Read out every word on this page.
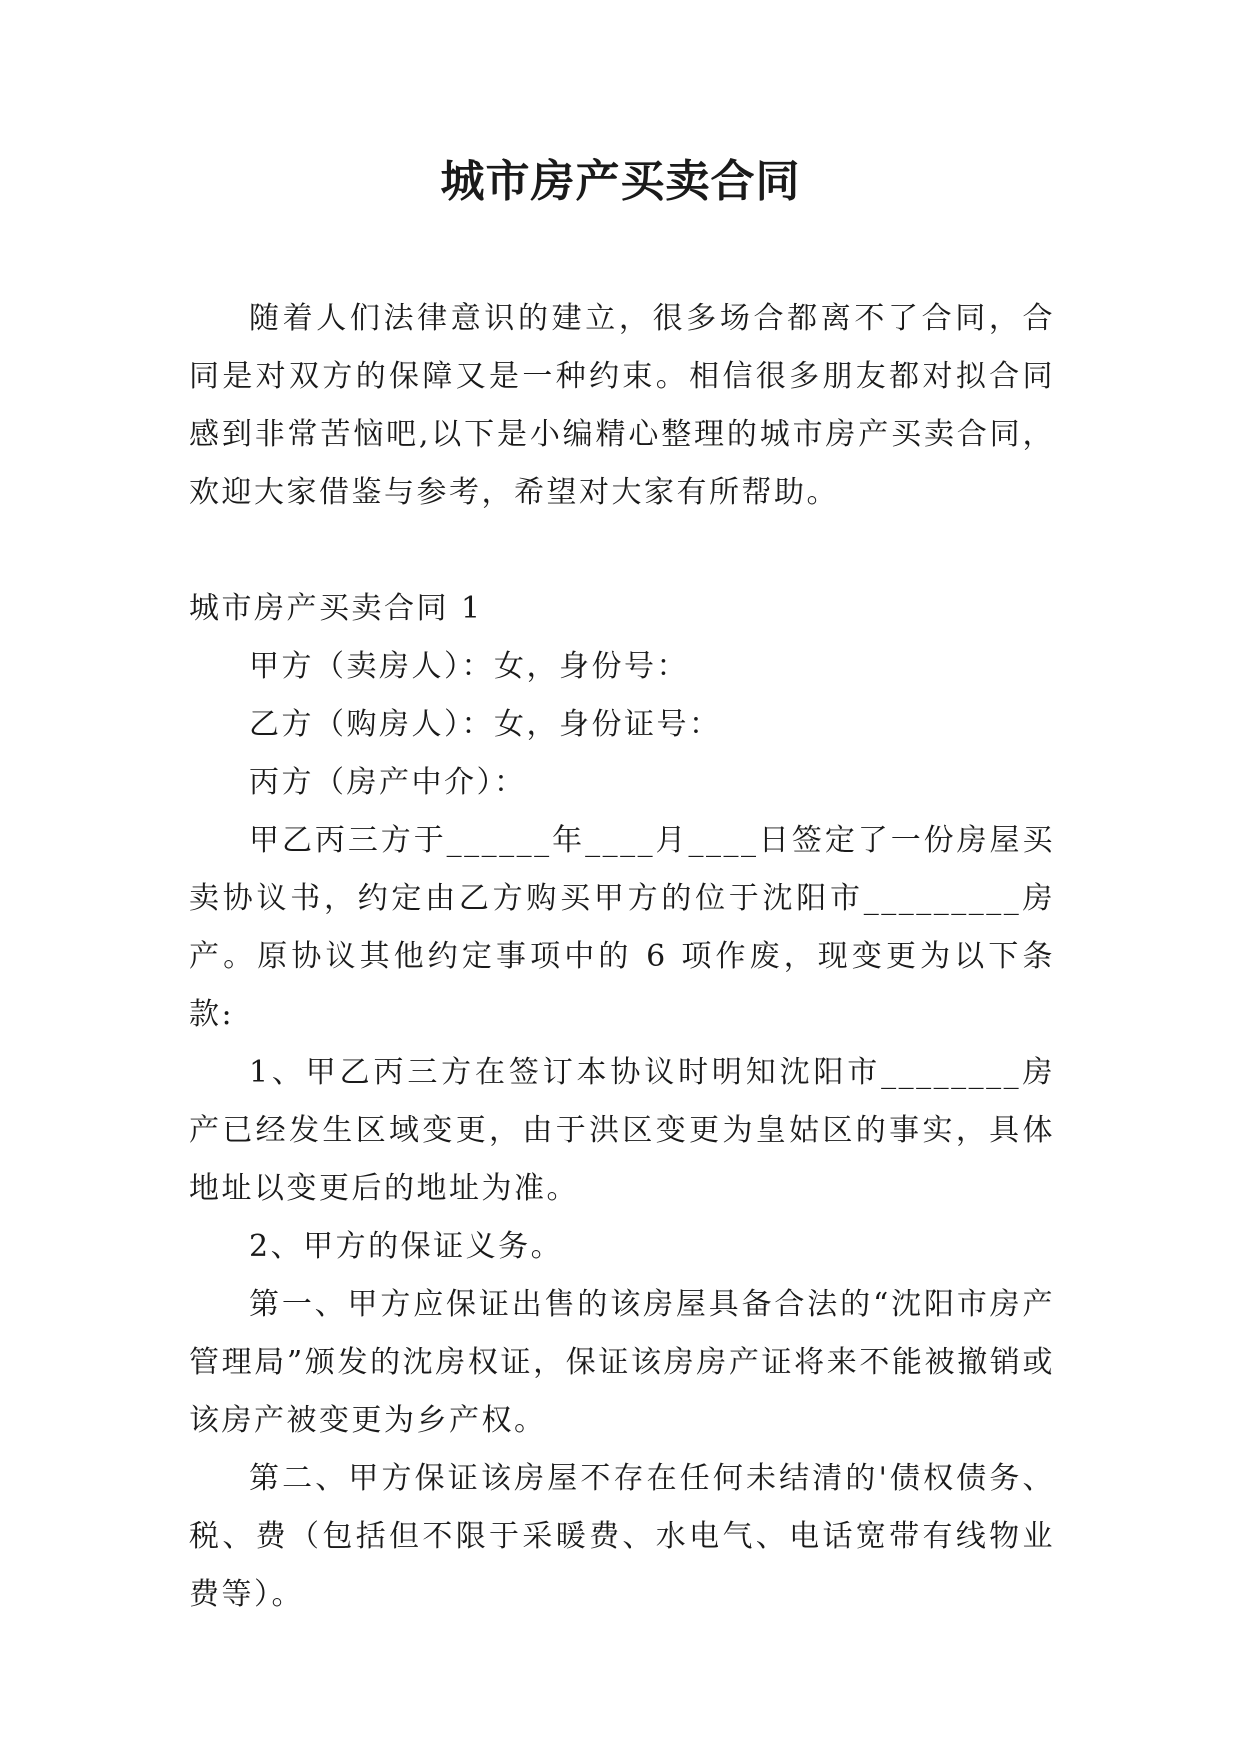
城市房产买卖合同

随着人们法律意识的建立，很多场合都离不了合同，合同是对双方的保障又是一种约束。相信很多朋友都对拟合同感到非常苦恼吧,以下是小编精心整理的城市房产买卖合同，欢迎大家借鉴与参考，希望对大家有所帮助。

城市房产买卖合同 1

甲方（卖房人）：女，身份号：

乙方（购房人）：女，身份证号：

丙方（房产中介）：

甲乙丙三方于______年____月____日签定了一份房屋买卖协议书，约定由乙方购买甲方的位于沈阳市_________房产。原协议其他约定事项中的 6 项作废，现变更为以下条款:

1、甲乙丙三方在签订本协议时明知沈阳市________房产已经发生区域变更，由于洪区变更为皇姑区的事实，具体地址以变更后的地址为准。

2、甲方的保证义务。

第一、甲方应保证出售的该房屋具备合法的“沈阳市房产管理局”颁发的沈房权证，保证该房房产证将来不能被撤销或该房产被变更为乡产权。

第二、甲方保证该房屋不存在任何未结清的'债权债务、税、费（包括但不限于采暖费、水电气、电话宽带有线物业费等）。
